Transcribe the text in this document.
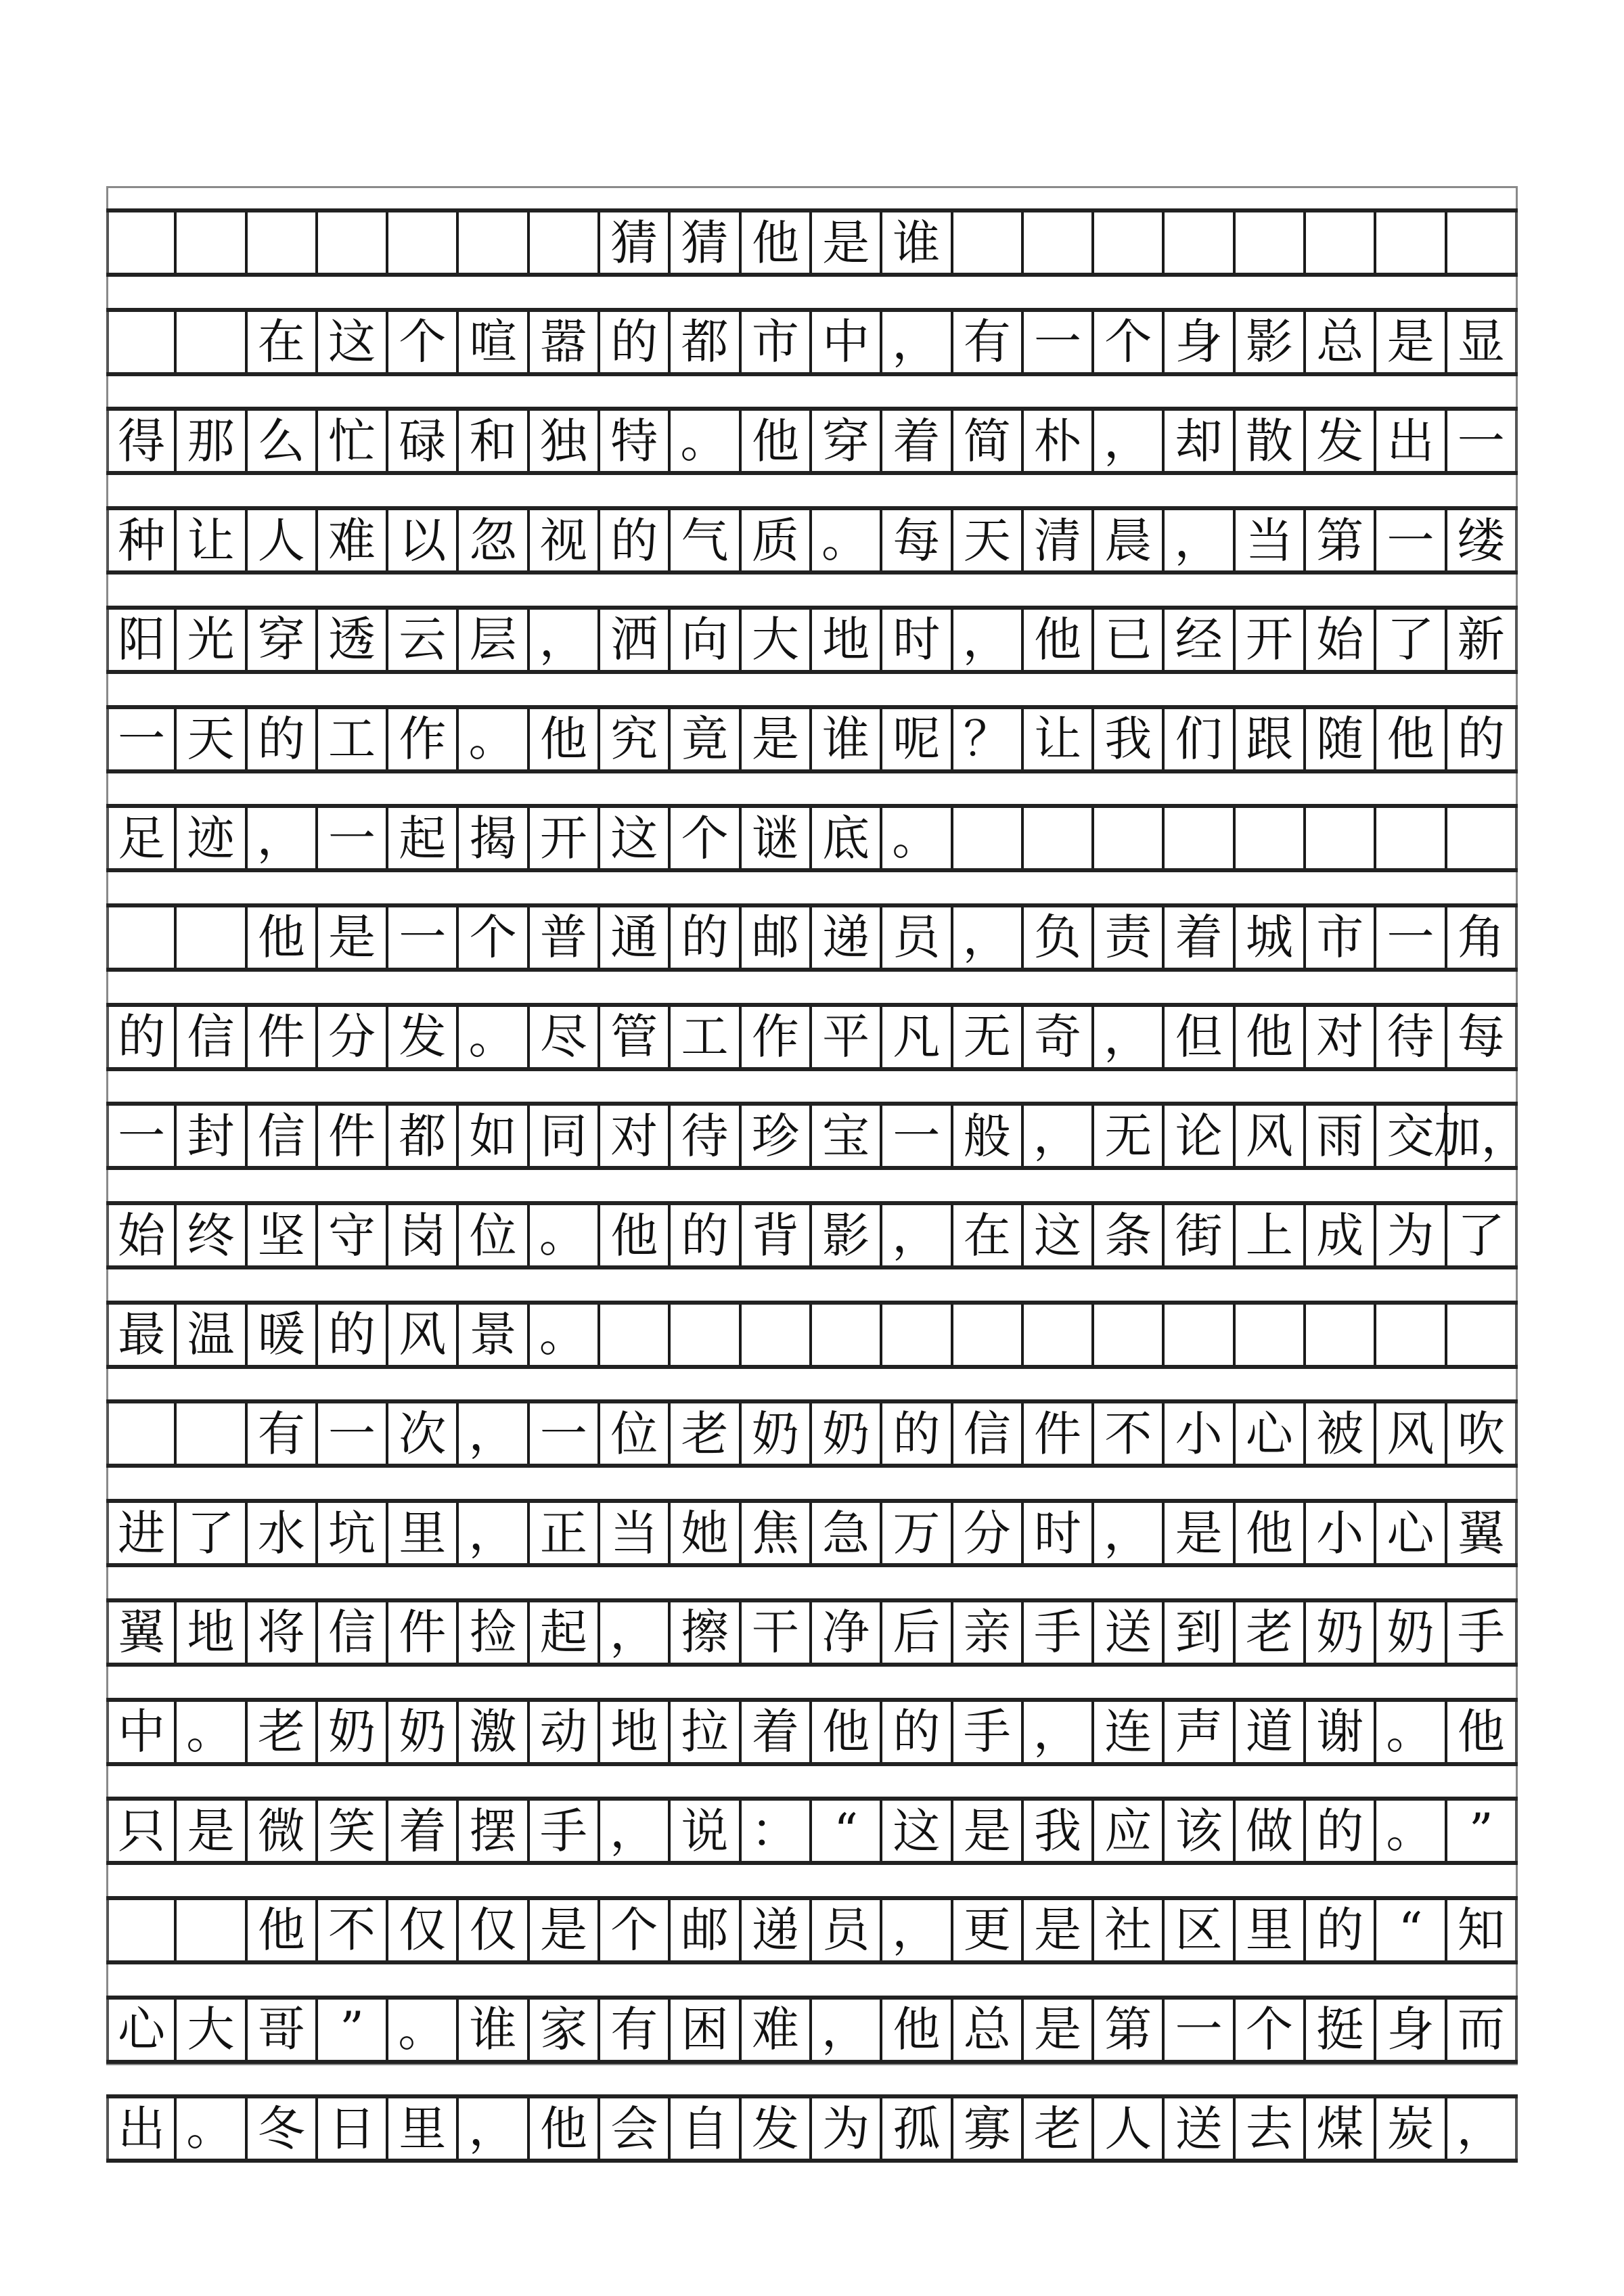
猜 猜 他 是 谁
在 这 个 喧 嚣 的 都 市 中 ， 有 一 个 身 影 总 是 显
得 那 么 忙 碌 和 独 特 。 他 穿 着 简 朴 ， 却 散 发 出 一
种 让 人 难 以 忽 视 的 气 质 。 每 天 清 晨 ， 当 第 一 缕
阳 光 穿 透 云 层 ， 洒 向 大 地 时 ， 他 已 经 开 始 了 新
一 天 的 工 作 。 他 究 竟 是 谁 呢 ？ 让 我 们 跟 随 他 的
足 迹 ， 一 起 揭 开 这 个 谜 底 。
他 是 一 个 普 通 的 邮 递 员 ， 负 责 着 城 市 一 角
的 信 件 分 发 。 尽 管 工 作 平 凡 无 奇 ， 但 他 对 待 每
一 封 信 件 都 如 同 对 待 珍 宝 一 般 ， 无 论 风 雨 交 加，
始 终 坚 守 岗 位 。 他 的 背 影 ， 在 这 条 街 上 成 为 了
最 温 暖 的 风 景 。
有 一 次 ， 一 位 老 奶 奶 的 信 件 不 小 心 被 风 吹
进 了 水 坑 里 ， 正 当 她 焦 急 万 分 时 ， 是 他 小 心 翼
翼 地 将 信 件 捡 起 ， 擦 干 净 后 亲 手 送 到 老 奶 奶 手
中 。 老 奶 奶 激 动 地 拉 着 他 的 手 ， 连 声 道 谢 。 他
只 是 微 笑 着 摆 手 ， 说 ： “ 这 是 我 应 该 做 的 。 ”
他 不 仅 仅 是 个 邮 递 员 ， 更 是 社 区 里 的 “ 知
心 大 哥 ” 。 谁 家 有 困 难 ， 他 总 是 第 一 个 挺 身 而
出 。 冬 日 里 ， 他 会 自 发 为 孤 寡 老 人 送 去 煤 炭 ，
